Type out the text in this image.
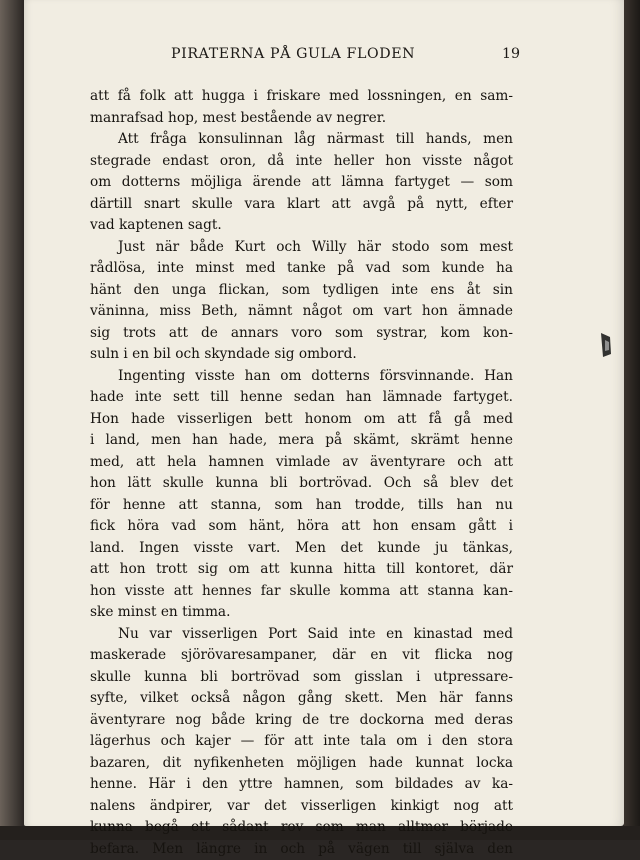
PIRATERNA PÅ GULA FLODEN	19
att få folk att hugga i friskare med lossningen, en sam-
manrafsad hop, mest bestående av negrer.
Att fråga konsulinnan låg närmast till hands, men
stegrade endast oron, då inte heller hon visste något
om dotterns möjliga ärende att lämna fartyget — som
därtill snart skulle vara klart att avgå på nytt, efter
vad kaptenen sagt.
Just när både Kurt och Willy här stodo som mest
rådlösa, inte minst med tanke på vad som kunde ha
hänt den unga flickan, som tydligen inte ens åt sin
väninna, miss Beth, nämnt något om vart hon ämnade
sig trots att de annars voro som systrar, kom kon-
suln i en bil och skyndade sig ombord.
Ingenting visste han om dotterns försvinnande. Han
hade inte sett till henne sedan han lämnade fartyget.
Hon hade visserligen bett honom om att få gå med
i land, men han hade, mera på skämt, skrämt henne
med, att hela hamnen vimlade av äventyrare och att
hon lätt skulle kunna bli bortrövad. Och så blev det
för henne att stanna, som han trodde, tills han nu
fick höra vad som hänt, höra att hon ensam gått i
land. Ingen visste vart. Men det kunde ju tänkas,
att hon trott sig om att kunna hitta till kontoret, där
hon visste att hennes far skulle komma att stanna kan-
ske minst en timma.
Nu var visserligen Port Said inte en kinastad med
maskerade sjörövaresampaner, där en vit flicka nog
skulle kunna bli bortrövad som gisslan i utpressare-
syfte, vilket också någon gång skett. Men här fanns
äventyrare nog både kring de tre dockorna med deras
lägerhus och kajer — för att inte tala om i den stora
bazaren, dit nyfikenheten möjligen hade kunnat locka
henne. Här i den yttre hamnen, som bildades av ka-
nalens ändpirer, var det visserligen kinkigt nog att
kunna begå ett sådant rov som man alltmer började
befara. Men längre in och på vägen till själva den
